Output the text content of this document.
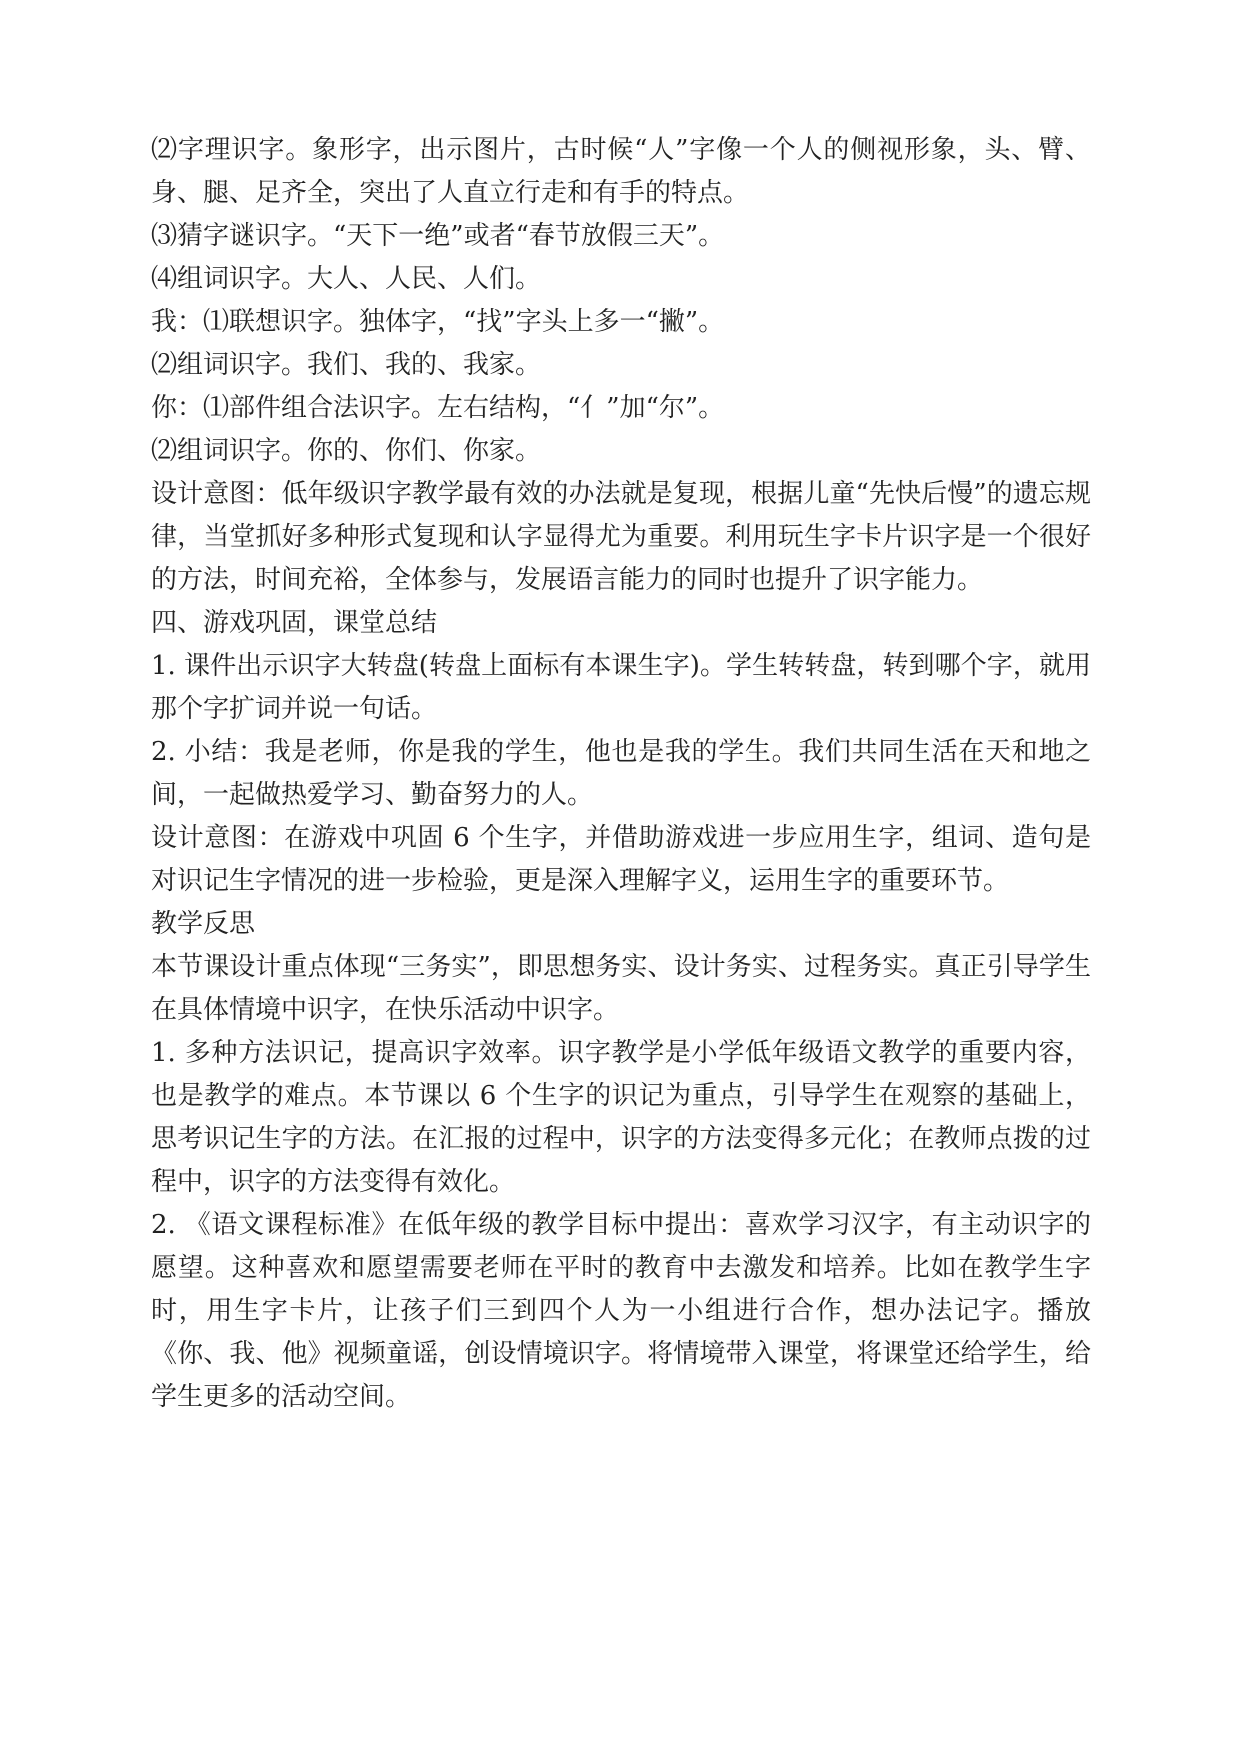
⑵字理识字。象形字，出示图片，古时候“人”字像一个人的侧视形象，头、臂、身、腿、足齐全，突出了人直立行走和有手的特点。

⑶猜字谜识字。“天下一绝”或者“春节放假三天”。

⑷组词识字。大人、人民、人们。

我：⑴联想识字。独体字，“找”字头上多一“撇”。

⑵组词识字。我们、我的、我家。

你：⑴部件组合法识字。左右结构，“亻”加“尔”。

⑵组词识字。你的、你们、你家。

设计意图：低年级识字教学最有效的办法就是复现，根据儿童“先快后慢”的遗忘规律，当堂抓好多种形式复现和认字显得尤为重要。利用玩生字卡片识字是一个很好的方法，时间充裕，全体参与，发展语言能力的同时也提升了识字能力。

四、游戏巩固，课堂总结

1. 课件出示识字大转盘(转盘上面标有本课生字)。学生转转盘，转到哪个字，就用那个字扩词并说一句话。

2. 小结：我是老师，你是我的学生，他也是我的学生。我们共同生活在天和地之间，一起做热爱学习、勤奋努力的人。

设计意图：在游戏中巩固 6 个生字，并借助游戏进一步应用生字，组词、造句是对识记生字情况的进一步检验，更是深入理解字义，运用生字的重要环节。

教学反思

本节课设计重点体现“三务实”，即思想务实、设计务实、过程务实。真正引导学生在具体情境中识字，在快乐活动中识字。

1. 多种方法识记，提高识字效率。识字教学是小学低年级语文教学的重要内容，也是教学的难点。本节课以 6 个生字的识记为重点，引导学生在观察的基础上，思考识记生字的方法。在汇报的过程中，识字的方法变得多元化；在教师点拨的过程中，识字的方法变得有效化。

2. 《语文课程标准》在低年级的教学目标中提出：喜欢学习汉字，有主动识字的愿望。这种喜欢和愿望需要老师在平时的教育中去激发和培养。比如在教学生字时，用生字卡片，让孩子们三到四个人为一小组进行合作，想办法记字。播放《你、我、他》视频童谣，创设情境识字。将情境带入课堂，将课堂还给学生，给学生更多的活动空间。
